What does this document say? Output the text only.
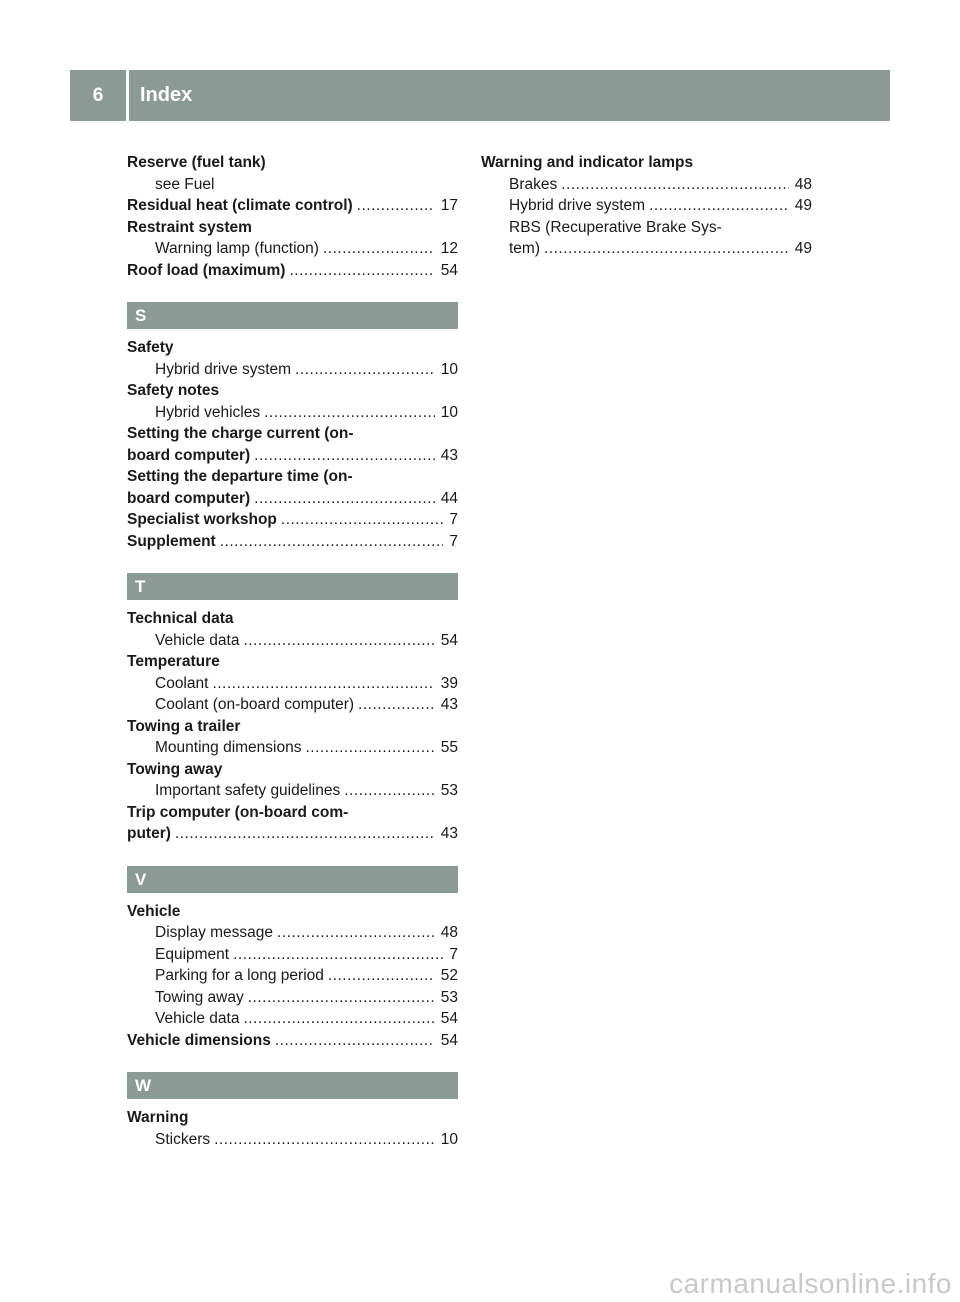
6	Index
Reserve (fuel tank)
see Fuel
Residual heat (climate control) .....	17
Restraint system
Warning lamp (function) .....	12
Roof load (maximum) .....	54
S
Safety
Hybrid drive system .....	10
Safety notes
Hybrid vehicles .....	10
Setting the charge current (on-
board computer) .....	43
Setting the departure time (on-
board computer) .....	44
Specialist workshop .....	7
Supplement .....	7
T
Technical data
Vehicle data .....	54
Temperature
Coolant .....	39
Coolant (on-board computer) .....	43
Towing a trailer
Mounting dimensions .....	55
Towing away
Important safety guidelines .....	53
Trip computer (on-board com-
puter) .....	43
V
Vehicle
Display message .....	48
Equipment .....	7
Parking for a long period .....	52
Towing away .....	53
Vehicle data .....	54
Vehicle dimensions .....	54
W
Warning
Stickers .....	10
Warning and indicator lamps
Brakes .....	48
Hybrid drive system .....	49
RBS (Recuperative Brake Sys-
tem) .....	49
carmanualsonline.info
